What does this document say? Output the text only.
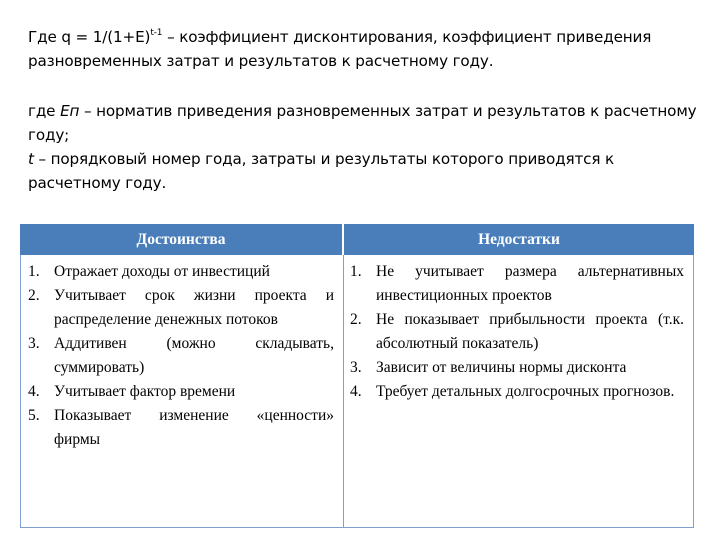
Где $q = 1/(1+E)^{t-1}$ – коэффициент дисконтирования, коэффициент приведения разновременных затрат и результатов к расчетному году.

где Eп – норматив приведения разновременных затрат и результатов к расчетному году;

t – порядковый номер года, затраты и результаты которого приводятся к расчетному году.

Достоинства	Недостатки
1. Отражает доходы от инвестиций
2. Учитывает срок жизни проекта и распределение денежных потоков
3. Аддитивен (можно складывать, суммировать)
4. Учитывает фактор времени
5. Показывает изменение «ценности» фирмы
1. Не учитывает размера альтернативных инвестиционных проектов
2. Не показывает прибыльности проекта (т.к. абсолютный показатель)
3. Зависит от величины нормы дисконта
4. Требует детальных долгосрочных прогнозов.
